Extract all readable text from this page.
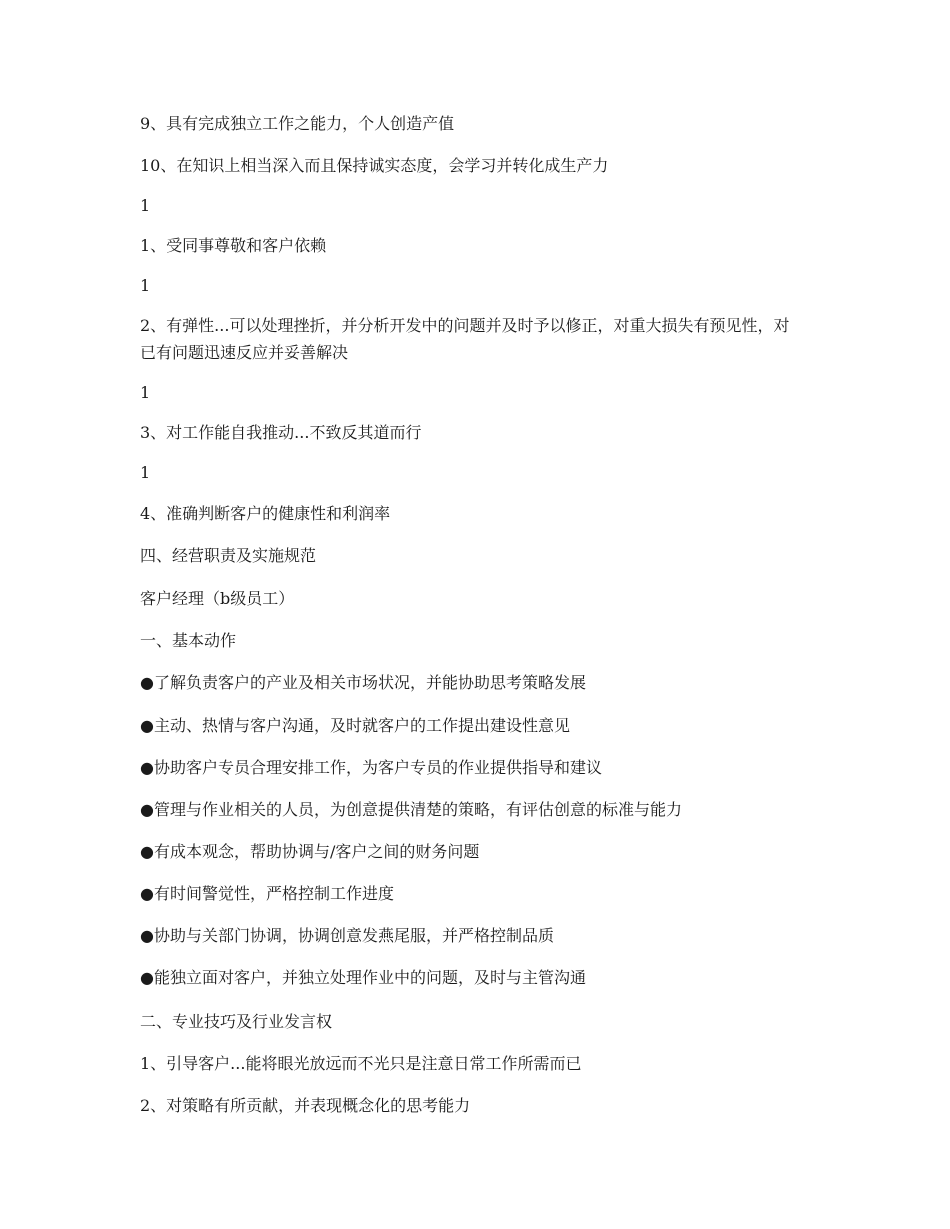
9、具有完成独立工作之能力，个人创造产值

10、在知识上相当深入而且保持诚实态度，会学习并转化成生产力

1

1、受同事尊敬和客户依赖

1

2、有弹性...可以处理挫折，并分析开发中的问题并及时予以修正，对重大损失有预见性，对已有问题迅速反应并妥善解决

1

3、对工作能自我推动...不致反其道而行

1

4、准确判断客户的健康性和利润率

四、经营职责及实施规范

客户经理（b级员工）

一、基本动作

●了解负责客户的产业及相关市场状况，并能协助思考策略发展

●主动、热情与客户沟通，及时就客户的工作提出建设性意见

●协助客户专员合理安排工作，为客户专员的作业提供指导和建议

●管理与作业相关的人员，为创意提供清楚的策略，有评估创意的标准与能力

●有成本观念，帮助协调与/客户之间的财务问题

●有时间警觉性，严格控制工作进度

●协助与关部门协调，协调创意发燕尾服，并严格控制品质

●能独立面对客户，并独立处理作业中的问题，及时与主管沟通

二、专业技巧及行业发言权

1、引导客户...能将眼光放远而不光只是注意日常工作所需而已

2、对策略有所贡献，并表现概念化的思考能力
